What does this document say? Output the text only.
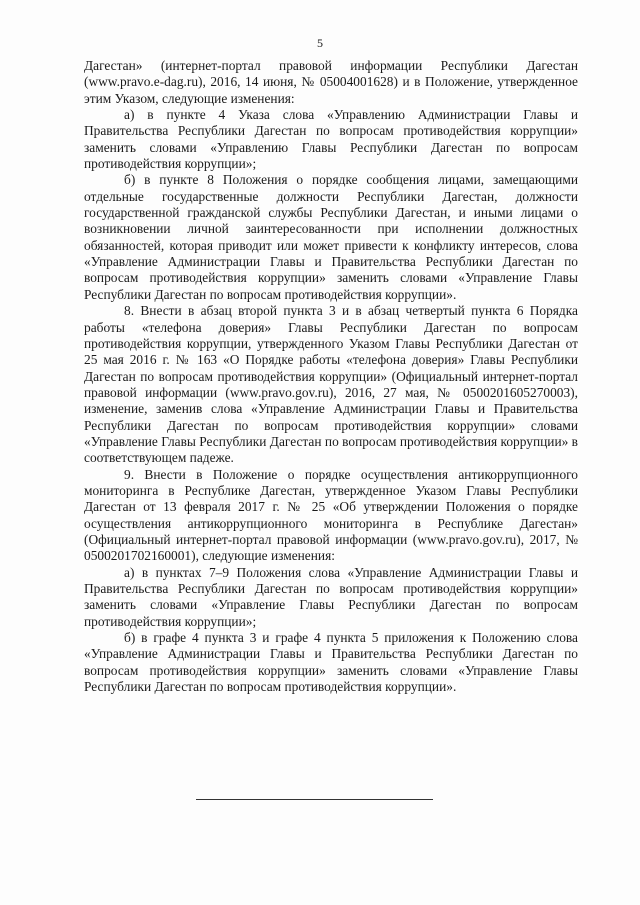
5

Дагестан» (интернет-портал правовой информации Республики Дагестан (www.pravo.e-dag.ru), 2016, 14 июня, № 05004001628) и в Положение, утвержденное этим Указом, следующие изменения:

а) в пункте 4 Указа слова «Управлению Администрации Главы и Правительства Республики Дагестан по вопросам противодействия коррупции» заменить словами «Управлению Главы Республики Дагестан по вопросам противодействия коррупции»;

б) в пункте 8 Положения о порядке сообщения лицами, замещающими отдельные государственные должности Республики Дагестан, должности государственной гражданской службы Республики Дагестан, и иными лицами о возникновении личной заинтересованности при исполнении должностных обязанностей, которая приводит или может привести к конфликту интересов, слова «Управление Администрации Главы и Правительства Республики Дагестан по вопросам противодействия коррупции» заменить словами «Управление Главы Республики Дагестан по вопросам противодействия коррупции».

8. Внести в абзац второй пункта 3 и в абзац четвертый пункта 6 Порядка работы «телефона доверия» Главы Республики Дагестан по вопросам противодействия коррупции, утвержденного Указом Главы Республики Дагестан от 25 мая 2016 г. № 163 «О Порядке работы «телефона доверия» Главы Республики Дагестан по вопросам противодействия коррупции» (Официальный интернет-портал правовой информации (www.pravo.gov.ru), 2016, 27 мая, № 0500201605270003), изменение, заменив слова «Управление Администрации Главы и Правительства Республики Дагестан по вопросам противодействия коррупции» словами «Управление Главы Республики Дагестан по вопросам противодействия коррупции» в соответствующем падеже.

9. Внести в Положение о порядке осуществления антикоррупционного мониторинга в Республике Дагестан, утвержденное Указом Главы Республики Дагестан от 13 февраля 2017 г. № 25 «Об утверждении Положения о порядке осуществления антикоррупционного мониторинга в Республике Дагестан» (Официальный интернет-портал правовой информации (www.pravo.gov.ru), 2017, № 0500201702160001), следующие изменения:

а) в пунктах 7–9 Положения слова «Управление Администрации Главы и Правительства Республики Дагестан по вопросам противодействия коррупции» заменить словами «Управление Главы Республики Дагестан по вопросам противодействия коррупции»;

б) в графе 4 пункта 3 и графе 4 пункта 5 приложения к Положению слова «Управление Администрации Главы и Правительства Республики Дагестан по вопросам противодействия коррупции» заменить словами «Управление Главы Республики Дагестан по вопросам противодействия коррупции».
